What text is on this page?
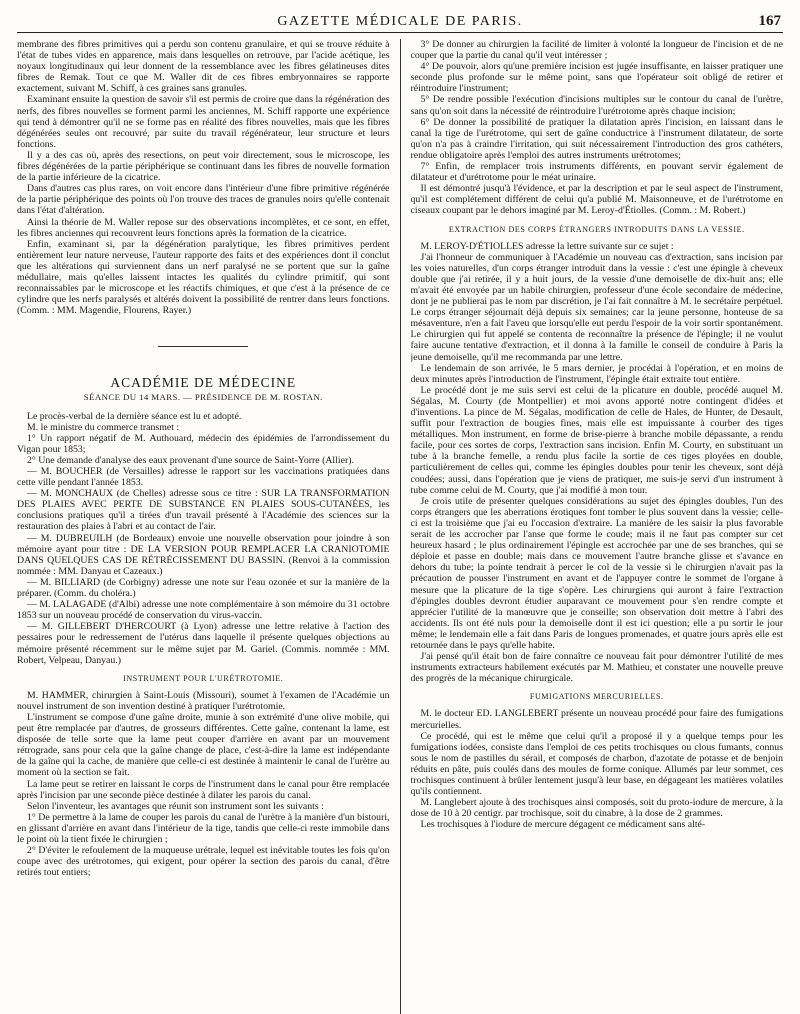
GAZETTE MÉDICALE DE PARIS.	167

membrane des fibres primitives qui a perdu son contenu granulaire, et qui se trouve réduite à l'état de tubes vides en apparence, mais dans lesquelles on retrouve, par l'acide acétique, les noyaux longitudinaux qui leur donnent de la ressemblance avec les fibres gélatineuses dites fibres de Remak. Tout ce que M. Waller dit de ces fibres embryonnaires se rapporte exactement, suivant M. Schiff, à ces graines sans granules.

Examinant ensuite la question de savoir s'il est permis de croire que dans la régénération des nerfs, des fibres nouvelles se forment parmi les anciennes, M. Schiff rapporte une expérience qui tend à démontrer qu'il ne se forme pas en réalité des fibres nouvelles, mais que les fibres dégénérées seules ont recouvré, par suite du travail régénérateur, leur structure et leurs fonctions.

Il y a des cas où, après des resections, on peut voir directement, sous le microscope, les fibres dégénérées de la partie périphérique se continuant dans les fibres de nouvelle formation de la partie inférieure de la cicatrice.

Dans d'autres cas plus rares, on voit encore dans l'intérieur d'une fibre primitive régénérée de la partie périphérique des points où l'on trouve des traces de granules noirs qu'elle contenait dans l'état d'altération.

Ainsi la théorie de M. Waller repose sur des observations incomplètes, et ce sont, en effet, les fibres anciennes qui recouvrent leurs fonctions après la formation de la cicatrice.

Enfin, examinant si, par la dégénération paralytique, les fibres primitives perdent entièrement leur nature nerveuse, l'auteur rapporte des faits et des expériences dont il conclut que les altérations qui surviennent dans un nerf paralysé ne se portent que sur la gaîne médullaire, mais qu'elles laissent intactes les qualités du cylindre primitif, qui sont reconnaissables par le microscope et les réactifs chimiques, et que c'est à la présence de ce cylindre que les nerfs paralysés et altérés doivent la possibilité de rentrer dans leurs fonctions. (Comm. : MM. Magendie, Flourens, Rayer.)

ACADÉMIE DE MÉDECINE
SÉANCE DU 14 MARS. — PRÉSIDENCE DE M. ROSTAN.

Le procès-verbal de la dernière séance est lu et adopté.

M. le ministre du commerce transmet :

1° Un rapport négatif de M. Authouard, médecin des épidémies de l'arrondissement du Vigan pour 1853;

2° Une demande d'analyse des eaux provenant d'une source de Saint-Yorre (Allier).

— M. BOUCHER (de Versailles) adresse le rapport sur les vaccinations pratiquées dans cette ville pendant l'année 1853.

— M. MONCHAUX (de Chelles) adresse sous ce titre : SUR LA TRANSFORMATION DES PLAIES AVEC PERTE DE SUBSTANCE EN PLAIES SOUS-CUTANÉES, les conclusions pratiques qu'il a tirées d'un travail présenté à l'Académie des sciences sur la restauration des plaies à l'abri et au contact de l'air.

— M. DUBREUILH (de Bordeaux) envoie une nouvelle observation pour joindre à son mémoire ayant pour titre : DE LA VERSION POUR REMPLACER LA CRANIOTOMIE DANS QUELQUES CAS DE RÉTRÉCISSEMENT DU BASSIN. (Renvoi à la commission nommée : MM. Danyau et Cazeaux.)

— M. BILLIARD (de Corbigny) adresse une note sur l'eau ozonée et sur la manière de la préparer. (Comm. du choléra.)

— M. LALAGADE (d'Albi) adresse une note complémentaire à son mémoire du 31 octobre 1853 sur un nouveau procédé de conservation du virus-vaccin.

— M. GILLEBERT D'HERCOURT (à Lyon) adresse une lettre relative à l'action des pessaires pour le redressement de l'utérus dans laquelle il présente quelques objections au mémoire présenté récemment sur le même sujet par M. Gariel. (Commis. nommée : MM. Robert, Velpeau, Danyau.)

INSTRUMENT POUR L'URÉTROTOMIE.

M. HAMMER, chirurgien à Saint-Louis (Missouri), soumet à l'examen de l'Académie un nouvel instrument de son invention destiné à pratiquer l'urétrotomie.

L'instrument se compose d'une gaîne droite, munie à son extrémité d'une olive mobile, qui peut être remplacée par d'autres, de grosseurs différentes. Cette gaîne, contenant la lame, est disposée de telle sorte que la lame peut couper d'arrière en avant par un mouvement rétrograde, sans pour cela que la gaîne change de place, c'est-à-dire la lame est indépendante de la gaîne qui la cache, de manière que celle-ci est destinée à maintenir le canal de l'urètre au moment où la section se fait.

La lame peut se retirer en laissant le corps de l'instrument dans le canal pour être remplacée après l'incision par une seconde pièce destinée à dilater les parois du canal.

Selon l'inventeur, les avantages que réunit son instrument sont les suivants :

1° De permettre à la lame de couper les parois du canal de l'urètre à la manière d'un bistouri, en glissant d'arrière en avant dans l'intérieur de la tige, tandis que celle-ci reste immobile dans le point où la tient fixée le chirurgien ;

2° D'éviter le refoulement de la muqueuse urétrale, lequel est inévitable toutes les fois qu'on coupe avec des urétrotomes, qui exigent, pour opérer la section des parois du canal, d'être retirés tout entiers;

3° De donner au chirurgien la facilité de limiter à volonté la longueur de l'incision et de ne couper que la partie du canal qu'il veut intéresser ;

4° De pouvoir, alors qu'une première incision est jugée insuffisante, en laisser pratiquer une seconde plus profonde sur le même point, sans que l'opérateur soit obligé de retirer et réintroduire l'instrument;

5° De rendre possible l'exécution d'incisions multiples sur le contour du canal de l'urètre, sans qu'on soit dans la nécessité de réintroduire l'urétrotome après chaque incision;

6° De donner la possibilité de pratiquer la dilatation après l'incision, en laissant dans le canal la tige de l'urétrotome, qui sert de gaîne conductrice à l'instrument dilatateur, de sorte qu'on n'a pas à craindre l'irritation, qui suit nécessairement l'introduction des gros cathéters, rendue obligatoire après l'emploi des autres instruments urétrotomes;

7° Enfin, de remplacer trois instruments différents, en pouvant servir également de dilatateur et d'urétrotome pour le méat urinaire.

Il est démontré jusqu'à l'évidence, et par la description et par le seul aspect de l'instrument, qu'il est complétement différent de celui qu'a publié M. Maisonneuve, et de l'urétrotome en ciseaux coupant par le dehors imaginé par M. Leroy-d'Étiolles. (Comm. : M. Robert.)

EXTRACTION DES CORPS ÉTRANGERS INTRODUITS DANS LA VESSIE.

M. LEROY-D'ÉTIOLLES adresse la lettre suivante sur ce sujet :

J'ai l'honneur de communiquer à l'Académie un nouveau cas d'extraction, sans incision par les voies naturelles, d'un corps étranger introduit dans la vessie : c'est une épingle à cheveux double que j'ai retirée, il y a huit jours, de la vessie d'une demoiselle de dix-huit ans; elle m'avait été envoyée par un habile chirurgien, professeur d'une école secondaire de médecine, dont je ne publierai pas le nom par discrétion, je l'ai fait connaître à M. le secrétaire perpétuel. Le corps étranger séjournait déjà depuis six semaines; car la jeune personne, honteuse de sa mésaventure, n'en a fait l'aveu que lorsqu'elle eut perdu l'espoir de la voir sortir spontanément. Le chirurgien qui fut appelé se contenta de reconnaître la présence de l'épingle; il ne voulut faire aucune tentative d'extraction, et il donna à la famille le conseil de conduire à Paris la jeune demoiselle, qu'il me recommanda par une lettre.

Le lendemain de son arrivée, le 5 mars dernier, je procédai à l'opération, et en moins de deux minutes après l'introduction de l'instrument, l'épingle était extraite tout entière.

Le procédé dont je me suis servi est celui de la plicature en double, procédé auquel M. Ségalas, M. Courty (de Montpellier) et moi avons apporté notre contingent d'idées et d'inventions. La pince de M. Ségalas, modification de celle de Hales, de Hunter, de Desault, suffit pour l'extraction de bougies fines, mais elle est impuissante à courber des tiges métalliques. Mon instrument, en forme de brise-pierre à branche mobile dépassante, a rendu facile, pour ces sortes de corps, l'extraction sans incision. Enfin M. Courty, en substituant un tube à la branche femelle, a rendu plus facile la sortie de ces tiges ployées en double, particulièrement de celles qui, comme les épingles doubles pour tenir les cheveux, sont déjà coudées; aussi, dans l'opération que je viens de pratiquer, me suis-je servi d'un instrument à tube comme celui de M. Courty, que j'ai modifié à mon tour.

Je crois utile de présenter quelques considérations au sujet des épingles doubles, l'un des corps étrangers que les aberrations érotiques font tomber le plus souvent dans la vessie; celle-ci est la troisième que j'ai eu l'occasion d'extraire. La manière de les saisir la plus favorable serait de les accrocher par l'anse que forme le coude; mais il ne faut pas compter sur cet heureux hasard ; le plus ordinairement l'épingle est accrochée par une de ses branches, qui se déploie et passe en double; mais dans ce mouvement l'autre branche glisse et s'avance en dehors du tube; la pointe tendrait à percer le col de la vessie si le chirurgien n'avait pas la précaution de pousser l'instrument en avant et de l'appuyer contre le sommet de l'organe à mesure que la plicature de la tige s'opère. Les chirurgiens qui auront à faire l'extraction d'épingles doubles devront étudier auparavant ce mouvement pour s'en rendre compte et apprécier l'utilité de la manœuvre que je conseille; son observation doit mettre à l'abri des accidents. Ils ont été nuls pour la demoiselle dont il est ici question; elle a pu sortir le jour même; le lendemain elle a fait dans Paris de longues promenades, et quatre jours après elle est retournée dans le pays qu'elle habite.

J'ai pensé qu'il était bon de faire connaître ce nouveau fait pour démontrer l'utilité de mes instruments extracteurs habilement exécutés par M. Mathieu, et constater une nouvelle preuve des progrès de la mécanique chirurgicale.

FUMIGATIONS MERCURIELLES.

M. le docteur ED. LANGLEBERT présente un nouveau procédé pour faire des fumigations mercurielles.

Ce procédé, qui est le même que celui qu'il a proposé il y a quelque temps pour les fumigations iodées, consiste dans l'emploi de ces petits trochisques ou clous fumants, connus sous le nom de pastilles du sérail, et composés de charbon, d'azotate de potasse et de benjoin réduits en pâte, puis coulés dans des moules de forme conique. Allumés par leur sommet, ces trochisques continuent à brûler lentement jusqu'à leur base, en dégageant les matières volatiles qu'ils contiennent.

M. Langlebert ajoute à des trochisques ainsi composés, soit du proto-iodure de mercure, à la dose de 10 à 20 centigr. par trochisque, soit du cinabre, à la dose de 2 grammes.

Les trochisques à l'iodure de mercure dégagent ce médicament sans alté-
